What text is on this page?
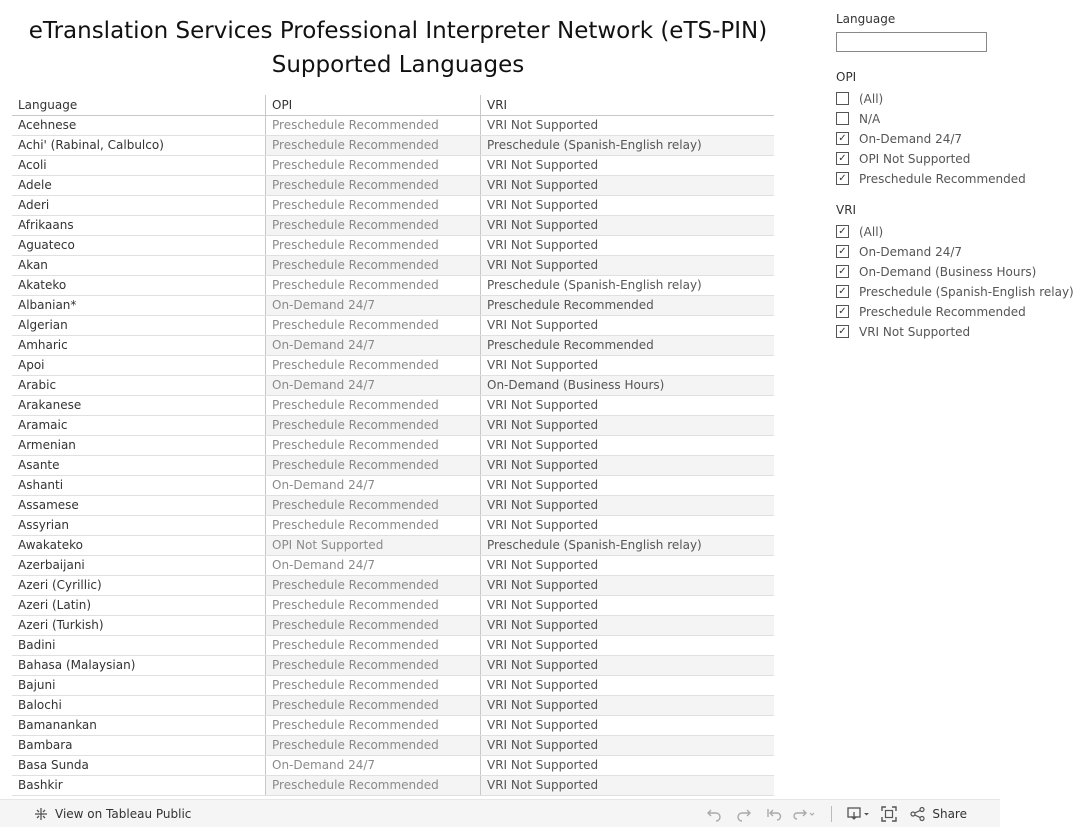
eTranslation Services Professional Interpreter Network (eTS-PIN)
Supported Languages
Language	OPI	VRI
Acehnese	Preschedule Recommended	VRI Not Supported
Achi' (Rabinal, Calbulco)	Preschedule Recommended	Preschedule (Spanish-English relay)
Acoli	Preschedule Recommended	VRI Not Supported
Adele	Preschedule Recommended	VRI Not Supported
Aderi	Preschedule Recommended	VRI Not Supported
Afrikaans	Preschedule Recommended	VRI Not Supported
Aguateco	Preschedule Recommended	VRI Not Supported
Akan	Preschedule Recommended	VRI Not Supported
Akateko	Preschedule Recommended	Preschedule (Spanish-English relay)
Albanian*	On-Demand 24/7	Preschedule Recommended
Algerian	Preschedule Recommended	VRI Not Supported
Amharic	On-Demand 24/7	Preschedule Recommended
Apoi	Preschedule Recommended	VRI Not Supported
Arabic	On-Demand 24/7	On-Demand (Business Hours)
Arakanese	Preschedule Recommended	VRI Not Supported
Aramaic	Preschedule Recommended	VRI Not Supported
Armenian	Preschedule Recommended	VRI Not Supported
Asante	Preschedule Recommended	VRI Not Supported
Ashanti	On-Demand 24/7	VRI Not Supported
Assamese	Preschedule Recommended	VRI Not Supported
Assyrian	Preschedule Recommended	VRI Not Supported
Awakateko	OPI Not Supported	Preschedule (Spanish-English relay)
Azerbaijani	On-Demand 24/7	VRI Not Supported
Azeri (Cyrillic)	Preschedule Recommended	VRI Not Supported
Azeri (Latin)	Preschedule Recommended	VRI Not Supported
Azeri (Turkish)	Preschedule Recommended	VRI Not Supported
Badini	Preschedule Recommended	VRI Not Supported
Bahasa (Malaysian)	Preschedule Recommended	VRI Not Supported
Bajuni	Preschedule Recommended	VRI Not Supported
Balochi	Preschedule Recommended	VRI Not Supported
Bamanankan	Preschedule Recommended	VRI Not Supported
Bambara	Preschedule Recommended	VRI Not Supported
Basa Sunda	On-Demand 24/7	VRI Not Supported
Bashkir	Preschedule Recommended	VRI Not Supported
Language
OPI
(All)
N/A
✓ On-Demand 24/7
✓ OPI Not Supported
✓ Preschedule Recommended
VRI
✓ (All)
✓ On-Demand 24/7
✓ On-Demand (Business Hours)
✓ Preschedule (Spanish-English relay)
✓ Preschedule Recommended
✓ VRI Not Supported
View on Tableau Public	Share
